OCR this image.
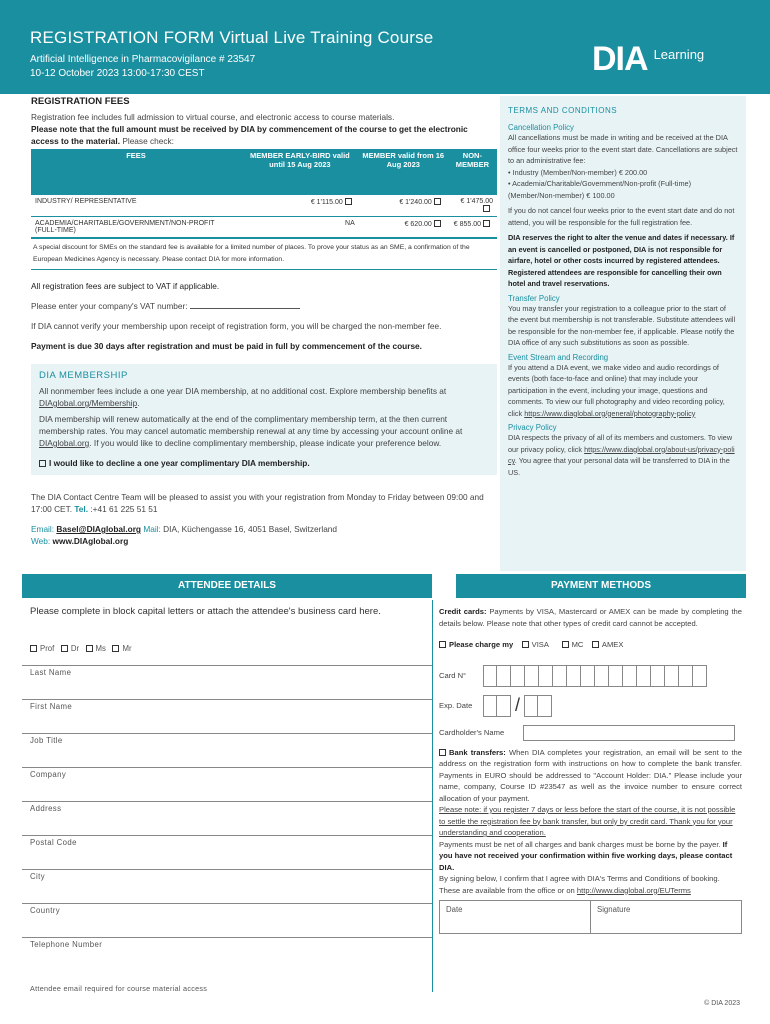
REGISTRATION FORM Virtual Live Training Course
Artificial Intelligence in Pharmacovigilance # 23547
10-12 October 2023 13:00-17:30 CEST	DIA Learning
REGISTRATION FEES
Registration fee includes full admission to virtual course, and electronic access to course materials.
Please note that the full amount must be received by DIA by commencement of the course to get the electronic access to the material. Please check:
FEES	MEMBER EARLY-BIRD valid until 15 Aug 2023	MEMBER valid from 16 Aug 2023	NON-MEMBER
INDUSTRY/ REPRESENTATIVE	€ 1'115.00	€ 1'240.00	€ 1'475.00
ACADEMIA/CHARITABLE/GOVERNMENT/NON-PROFIT (FULL-TIME)	NA	€ 620.00	€ 855.00
A special discount for SMEs on the standard fee is available for a limited number of places. To prove your status as an SME, a confirmation of the European Medicines Agency is necessary. Please contact DIA for more information.
All registration fees are subject to VAT if applicable.
Please enter your company's VAT number:
If DIA cannot verify your membership upon receipt of registration form, you will be charged the non-member fee.
Payment is due 30 days after registration and must be paid in full by commencement of the course.
DIA MEMBERSHIP
All nonmember fees include a one year DIA membership, at no additional cost. Explore membership benefits at DIAglobal.org/Membership.
DIA membership will renew automatically at the end of the complimentary membership term, at the then current membership rates. You may cancel automatic membership renewal at any time by accessing your account online at DIAglobal.org. If you would like to decline complimentary membership, please indicate your preference below.
I would like to decline a one year complimentary DIA membership.
The DIA Contact Centre Team will be pleased to assist you with your registration from Monday to Friday between 09:00 and 17:00 CET. Tel. :+41 61 225 51 51
Email: Basel@DIAglobal.org Mail: DIA, Küchengasse 16, 4051 Basel, Switzerland
Web: www.DIAglobal.org
TERMS AND CONDITIONS
Cancellation Policy
All cancellations must be made in writing and be received at the DIA office four weeks prior to the event start date. Cancellations are subject to an administrative fee:
• Industry (Member/Non-member) € 200.00
• Academia/Charitable/Government/Non-profit (Full-time) (Member/Non-member) € 100.00
If you do not cancel four weeks prior to the event start date and do not attend, you will be responsible for the full registration fee.
DIA reserves the right to alter the venue and dates if necessary. If an event is cancelled or postponed, DIA is not responsible for airfare, hotel or other costs incurred by registered attendees. Registered attendees are responsible for cancelling their own hotel and travel reservations.
Transfer Policy
You may transfer your registration to a colleague prior to the start of the event but membership is not transferable. Substitute attendees will be responsible for the non-member fee, if applicable. Please notify the DIA office of any such substitutions as soon as possible.
Event Stream and Recording
If you attend a DIA event, we make video and audio recordings of events (both face-to-face and online) that may include your participation in the event, including your image, questions and comments. To view our full photography and video recording policy, click https://www.diaglobal.org/general/photography-policy
Privacy Policy
DIA respects the privacy of all of its members and customers. To view our privacy policy, click https://www.diaglobal.org/about-us/privacy-policy. You agree that your personal data will be transferred to DIA in the US.
ATTENDEE DETAILS	PAYMENT METHODS
Please complete in block capital letters or attach the attendee's business card here.
Prof Dr Ms Mr
Last Name
First Name
Job Title
Company
Address
Postal Code
City
Country
Telephone Number
Attendee email required for course material access
Credit cards: Payments by VISA, Mastercard or AMEX can be made by completing the details below. Please note that other types of credit card cannot be accepted.
Please charge my VISA	MC AMEX
Card N°
Exp. Date	/
Cardholder's Name
Bank transfers: When DIA completes your registration, an email will be sent to the address on the registration form with instructions on how to complete the bank transfer. Payments in EURO should be addressed to "Account Holder: DIA." Please include your name, company, Course ID #23547 as well as the invoice number to ensure correct allocation of your payment.
Please note: if you register 7 days or less before the start of the course, it is not possible to settle the registration fee by bank transfer, but only by credit card. Thank you for your understanding and cooperation.
Payments must be net of all charges and bank charges must be borne by the payer. If you have not received your confirmation within five working days, please contact DIA.
By signing below, I confirm that I agree with DIA's Terms and Conditions of booking. These are available from the office or on http://www.diaglobal.org/EUTerms
Date	Signature
© DIA 2023
